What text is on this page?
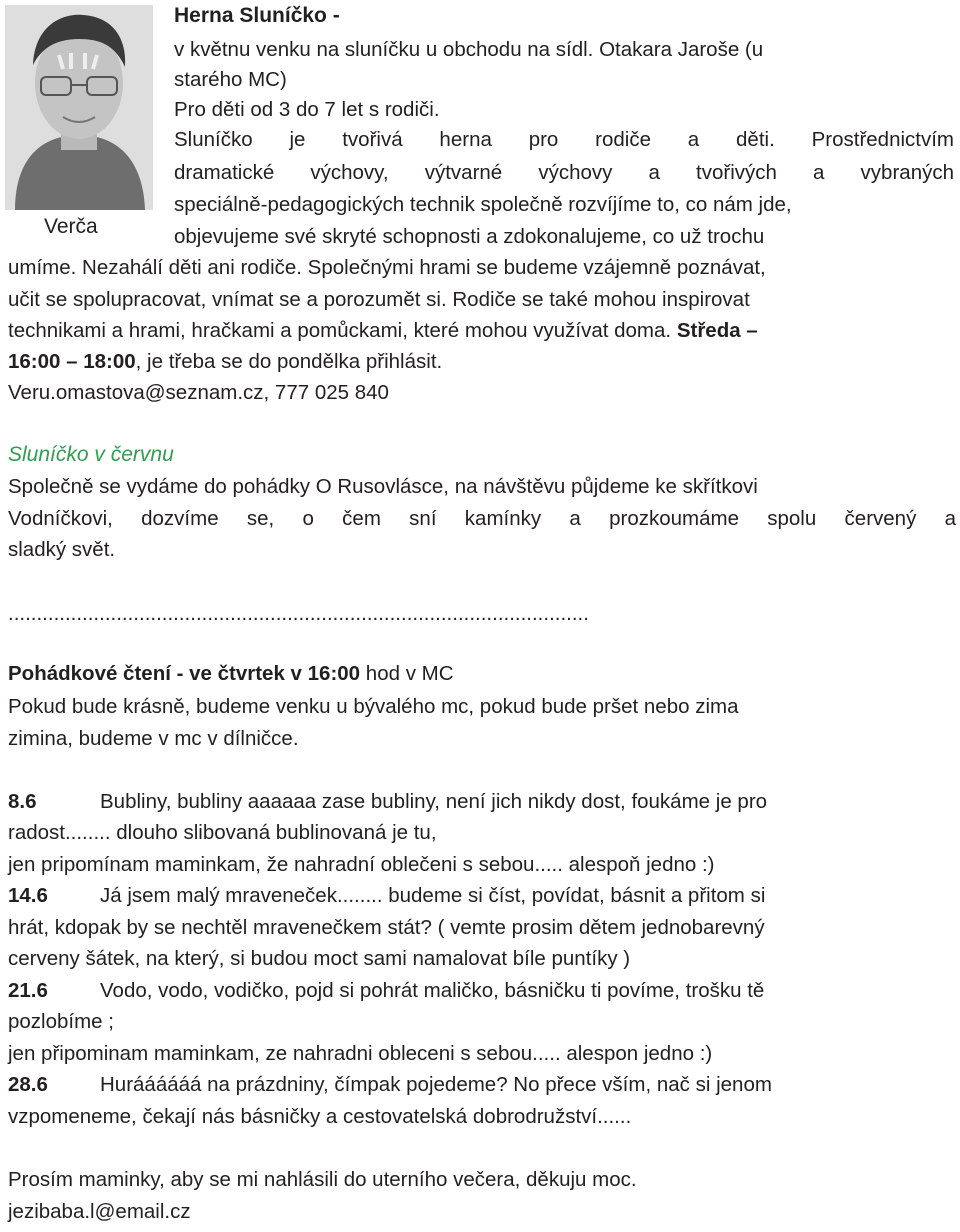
Verča
Herna Sluníčko -
v květnu venku na sluníčku u obchodu na sídl. Otakara Jaroše (u
starého MC)
Pro děti od 3 do 7 let s rodiči.
Sluníčko je tvořivá herna pro rodiče a děti. Prostřednictvím
dramatické výchovy, výtvarné výchovy a tvořivých a vybraných
speciálně-pedagogických technik společně rozvíjíme to, co nám jde,
objevujeme své skryté schopnosti a zdokonalujeme, co už trochu
umíme. Nezahálí děti ani rodiče. Společnými hrami se budeme vzájemně poznávat,
učit se spolupracovat, vnímat se a porozumět si. Rodiče se také mohou inspirovat
technikami a hrami, hračkami a pomůckami, které mohou využívat doma. Středa –
16:00 – 18:00, je třeba se do pondělka přihlásit.
Veru.omastova@seznam.cz, 777 025 840
Sluníčko v červnu
Společně se vydáme do pohádky O Rusovlásce, na návštěvu půjdeme ke skřítkovi
Vodníčkovi, dozvíme se, o čem sní kamínky a prozkoumáme spolu červený a
sladký svět.
......................................................................................................
Pohádkové čtení - ve čtvrtek v 16:00 hod v MC
Pokud bude krásně, budeme venku u bývalého mc, pokud bude pršet nebo zima
zimina, budeme v mc v dílničce.
8.6	Bubliny, bubliny aaaaaa zase bubliny, není jich nikdy dost, foukáme je pro
radost........ dlouho slibovaná bublinovaná je tu,
jen pripomínam maminkam, že nahradní oblečeni s sebou..... alespoň jedno :)
14.6	Já jsem malý mraveneček........ budeme si číst, povídat, básnit a přitom si
hrát, kdopak by se nechtěl mravenečkem stát? ( vemte prosim dětem jednobarevný
cerveny šátek, na který, si budou moct sami namalovat bíle puntíky )
21.6	Vodo, vodo, vodičko, pojd si pohrát maličko, básničku ti povíme, trošku tě
pozlobíme ;
jen připominam maminkam, ze nahradni obleceni s sebou..... alespon jedno :)
28.6	Huráááááá na prázdniny, čímpak pojedeme? No přece vším, nač si jenom
vzpomeneme, čekají nás básničky a cestovatelská dobrodružství......
Prosím maminky, aby se mi nahlásili do uterního večera, děkuju moc.
jezibaba.l@email.cz
